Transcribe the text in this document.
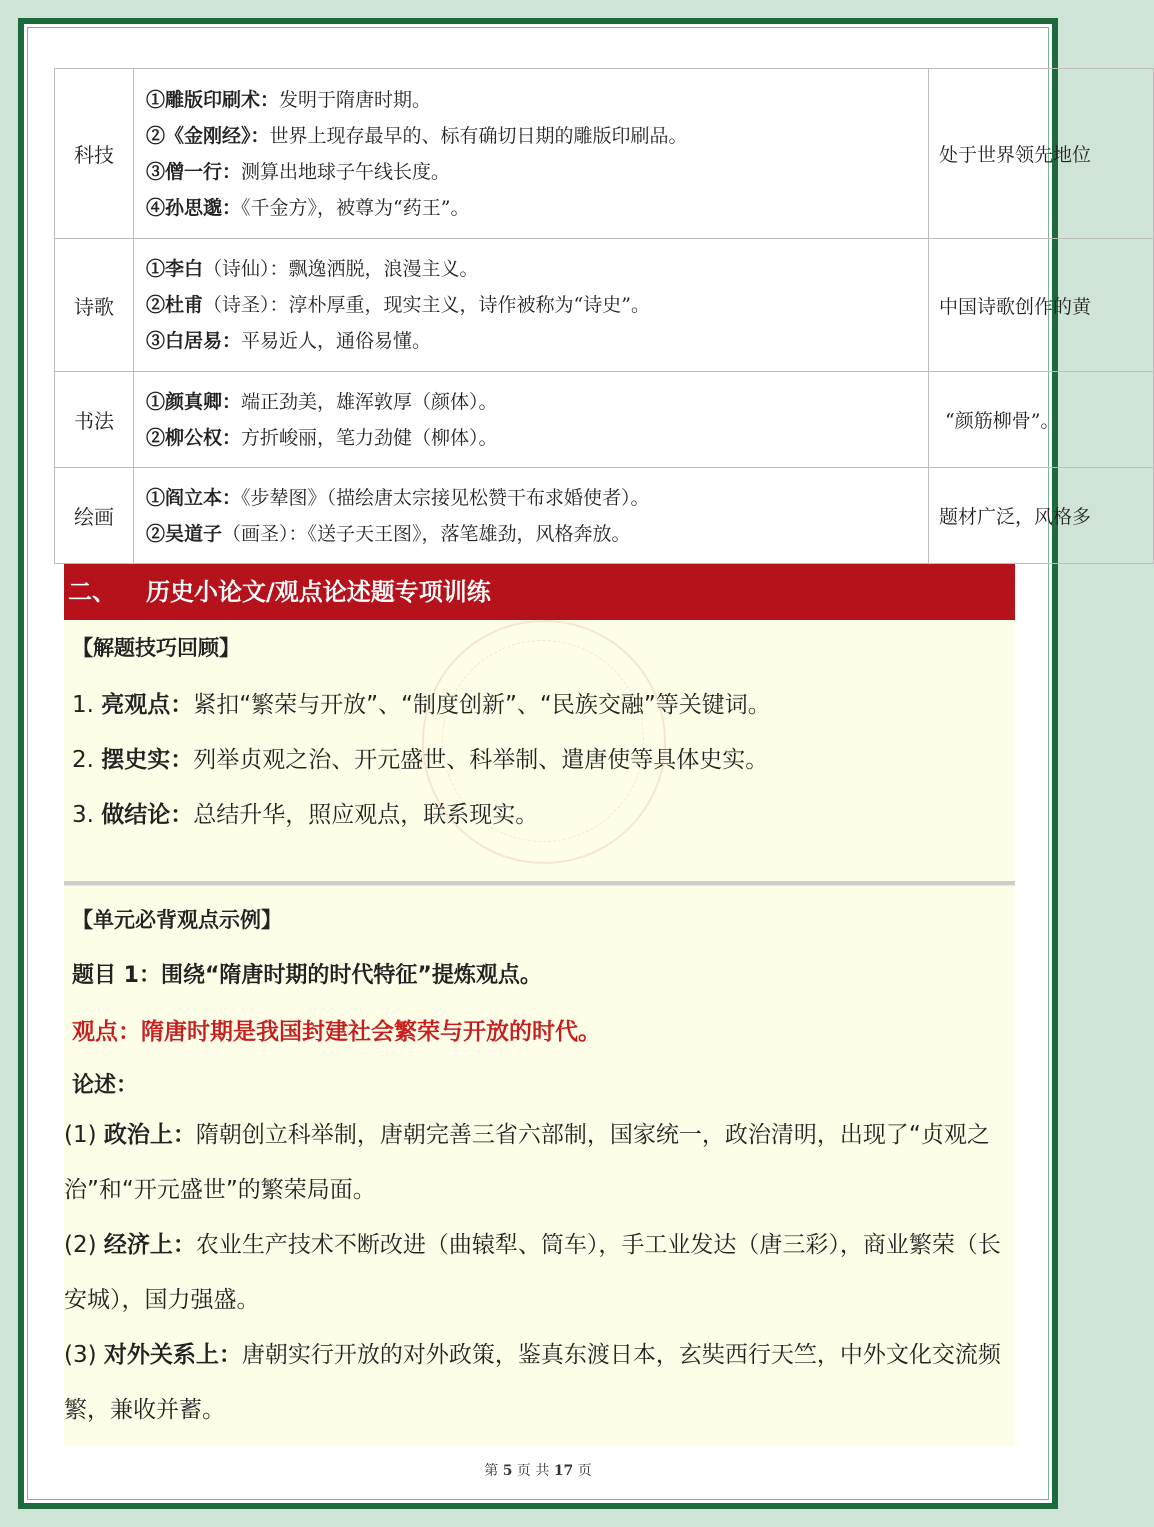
科技	①雕版印刷术：发明于隋唐时期。
②《金刚经》：世界上现存最早的、标有确切日期的雕版印刷品。
③僧一行：测算出地球子午线长度。
④孙思邈：《千金方》，被尊为“药王”。	处于世界领先地位
诗歌	①李白（诗仙）：飘逸洒脱，浪漫主义。
②杜甫（诗圣）：淳朴厚重，现实主义，诗作被称为“诗史”。
③白居易：平易近人，通俗易懂。	中国诗歌创作的黄
书法	①颜真卿：端正劲美，雄浑敦厚（颜体）。
②柳公权：方折峻丽，笔力劲健（柳体）。	“颜筋柳骨”。
绘画	①阎立本：《步辇图》（描绘唐太宗接见松赞干布求婚使者）。
②吴道子（画圣）：《送子天王图》，落笔雄劲，风格奔放。	题材广泛，风格多
二、 历史小论文/观点论述题专项训练
【解题技巧回顾】
1. 亮观点：紧扣“繁荣与开放”、“制度创新”、“民族交融”等关键词。
2. 摆史实：列举贞观之治、开元盛世、科举制、遣唐使等具体史实。
3. 做结论：总结升华，照应观点，联系现实。
【单元必背观点示例】
题目 1：围绕“隋唐时期的时代特征”提炼观点。
观点：隋唐时期是我国封建社会繁荣与开放的时代。
论述：
(1) 政治上：隋朝创立科举制，唐朝完善三省六部制，国家统一，政治清明，出现了“贞观之治”和“开元盛世”的繁荣局面。
(2) 经济上：农业生产技术不断改进（曲辕犁、筒车），手工业发达（唐三彩），商业繁荣（长安城），国力强盛。
(3) 对外关系上：唐朝实行开放的对外政策，鉴真东渡日本，玄奘西行天竺，中外文化交流频繁，兼收并蓄。
第 5 页 共 17 页
